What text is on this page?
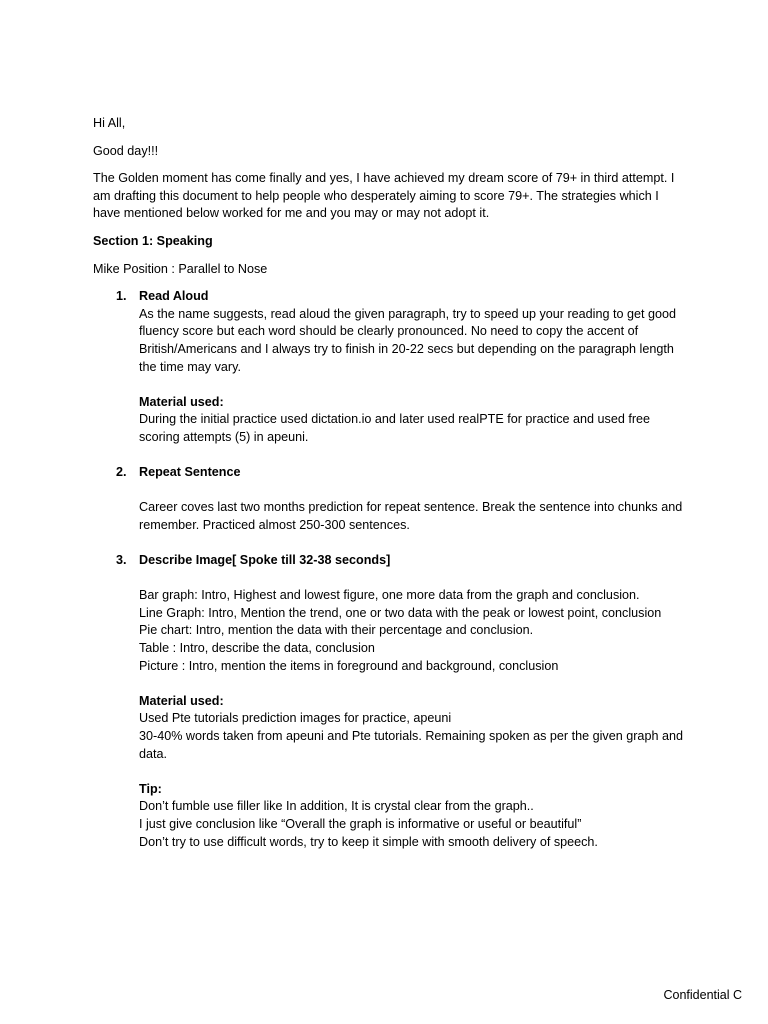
Hi All,

Good day!!!

The Golden moment has come finally and yes, I have achieved my dream score of 79+ in third attempt. I am drafting this document to help people who desperately aiming to score 79+. The strategies which I have mentioned below worked for me and you may or may not adopt it.

Section 1: Speaking

Mike Position : Parallel to Nose

1. Read Aloud
As the name suggests, read aloud the given paragraph, try to speed up your reading to get good fluency score but each word should be clearly pronounced. No need to copy the accent of British/Americans and I always try to finish in 20-22 secs but depending on the paragraph length the time may vary.
Material used:
During the initial practice used dictation.io and later used realPTE for practice and used free scoring attempts (5) in apeuni.
2. Repeat Sentence
Career coves last two months prediction for repeat sentence. Break the sentence into chunks and remember. Practiced almost 250-300 sentences.
3. Describe Image[ Spoke till 32-38 seconds]
Bar graph: Intro, Highest and lowest figure, one more data from the graph and conclusion.
Line Graph: Intro, Mention the trend, one or two data with the peak or lowest point, conclusion
Pie chart: Intro, mention the data with their percentage and conclusion.
Table : Intro, describe the data, conclusion
Picture : Intro, mention the items in foreground and background, conclusion
Material used:
Used Pte tutorials prediction images for practice, apeuni
30-40% words taken from apeuni and Pte tutorials. Remaining spoken as per the given graph and data.
Tip:
Don’t fumble use filler like In addition, It is crystal clear from the graph..
I just give conclusion like “Overall the graph is informative or useful or beautiful”
Don’t try to use difficult words, try to keep it simple with smooth delivery of speech.
Confidential C
